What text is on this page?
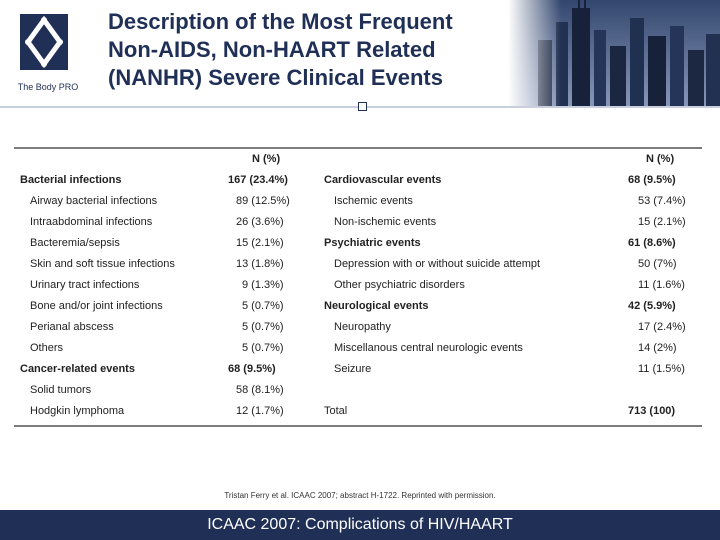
The Body PRO
Description of the Most Frequent
Non-AIDS, Non-HAART Related
(NANHR) Severe Clinical Events
N (%)	N (%)
Bacterial infections	167 (23.4%)	Cardiovascular events	68 (9.5%)
Airway bacterial infections	89 (12.5%)	Ischemic events	53 (7.4%)
Intraabdominal infections	26 (3.6%)	Non-ischemic events	15 (2.1%)
Bacteremia/sepsis	15 (2.1%)	Psychiatric events	61 (8.6%)
Skin and soft tissue infections	13 (1.8%)	Depression with or without suicide attempt	50 (7%)
Urinary tract infections	9 (1.3%)	Other psychiatric disorders	11 (1.6%)
Bone and/or joint infections	5 (0.7%)	Neurological events	42 (5.9%)
Perianal abscess	5 (0.7%)	Neuropathy	17 (2.4%)
Others	5 (0.7%)	Miscellanous central neurologic events	14 (2%)
Cancer-related events	68 (9.5%)	Seizure	11 (1.5%)
Solid tumors	58 (8.1%)
Hodgkin lymphoma	12 (1.7%)	Total	713 (100)
Tristan Ferry et al. ICAAC 2007; abstract H-1722. Reprinted with permission.
ICAAC 2007: Complications of HIV/HAART
